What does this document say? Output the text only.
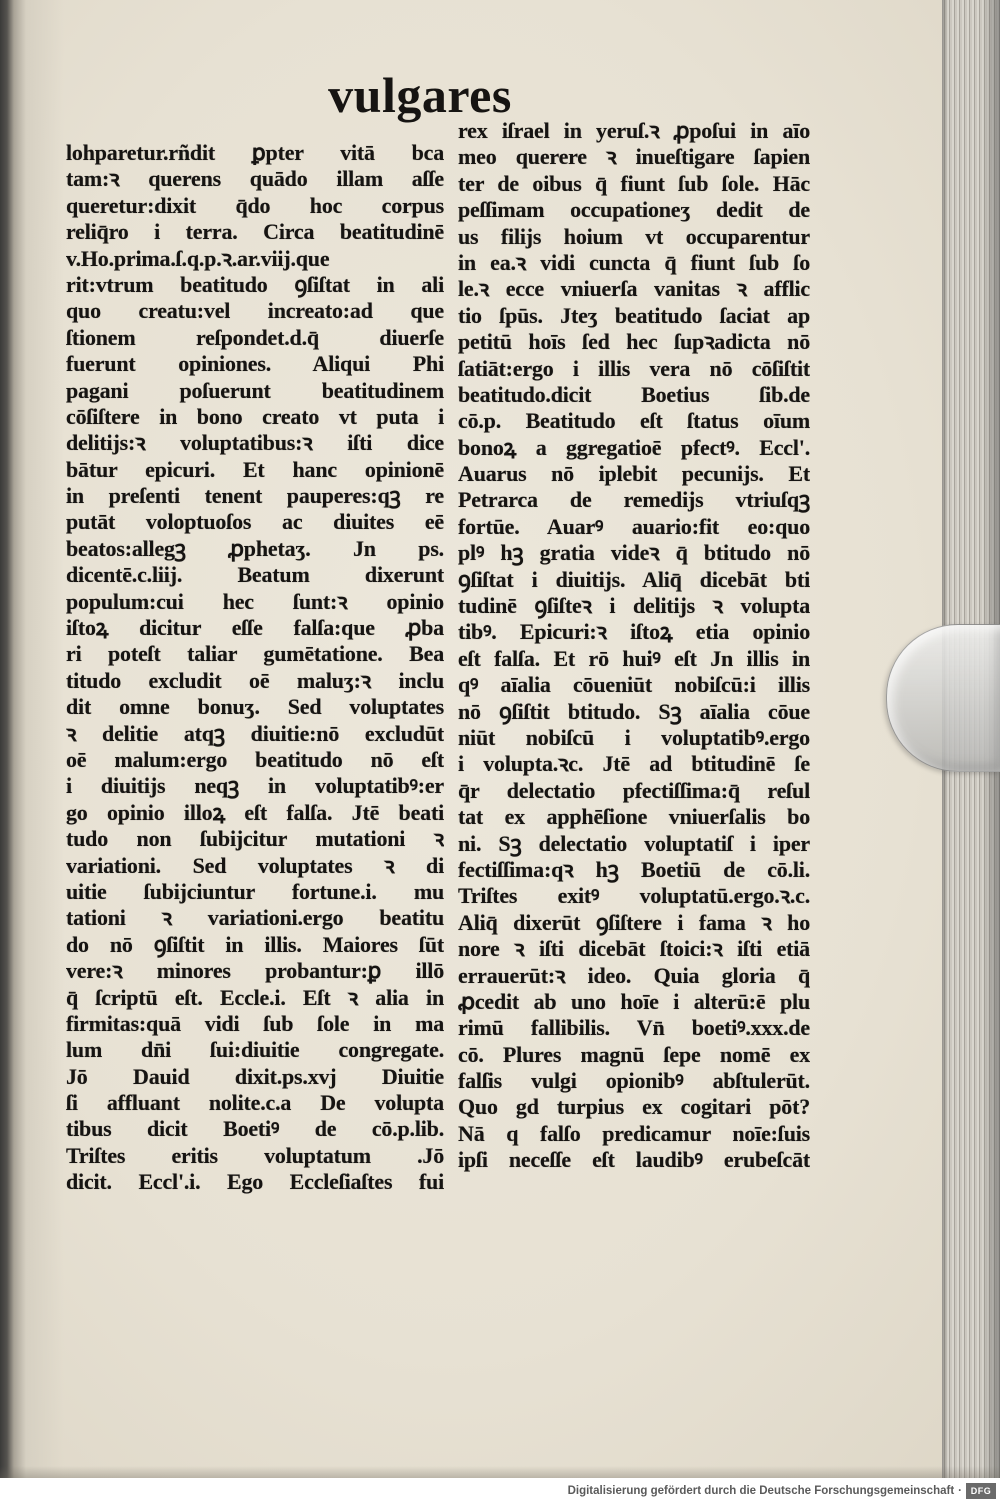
vulgares
lohparetur.rñdit ꝑpter vitā bca
tam:ꝛ querens quādo illam aſſe
queretur:dixit q̄do hoc corpus
reliq̄ro i terra. Circa beatitudinē
v.Ho.prima.ſ.q.p.ꝛ.ar.viij.que
rit:vtrum beatitudo ꝯſiſtat in ali
quo creatu:vel increato:ad que
ſtionem reſpondet.d.q̄ diuerſe
fuerunt opiniones. Aliqui Phi
pagani poſuerunt beatitudinem
cōſiſtere in bono creato vt puta i
delitijs:ꝛ voluptatibus:ꝛ iſti dice
bātur epicuri. Et hanc opinionē
in preſenti tenent pauperes:qꝫ re
putāt voloptuoſos ac diuites eē
beatos:allegꝫ ꝓphetaʒ. Jn ps.
dicentē.c.liij. Beatum dixerunt
populum:cui hec ſunt:ꝛ opinio
iſtoꝝ dicitur eſſe falſa:que ꝓba
ri poteſt taliar gumētatione. Bea
titudo excludit oē maluʒ:ꝛ inclu
dit omne bonuʒ. Sed voluptates
ꝛ delitie atqꝫ diuitie:nō excludūt
oē malum:ergo beatitudo nō eſt
i diuitijs neqꝫ in voluptatibꝰ:er
go opinio illoꝝ eſt falſa. Jtē beati
tudo non ſubijcitur mutationi ꝛ
variationi. Sed voluptates ꝛ di
uitie ſubijciuntur fortune.i. mu
tationi ꝛ variationi.ergo beatitu
do nō ꝯſiſtit in illis. Maiores ſūt
vere:ꝛ minores probantur:ꝑ illō
q̄ ſcriptū eſt. Eccle.i. Eſt ꝛ alia in
firmitas:quā vidi ſub ſole in ma
lum dn̄i ſui:diuitie congregate.
Jō Dauid dixit.ps.xvj Diuitie
ſi affluant nolite.c.a De volupta
tibus dicit Boetiꝰ de cō.p.lib.
Triſtes eritis voluptatum .Jō
dicit. Eccl'.i. Ego Eccleſiaſtes fui
rex iſrael in yeruſ.ꝛ ꝓpoſui in aīo
meo querere ꝛ inueſtigare ſapien
ter de oibus q̄ fiunt ſub ſole. Hāc
peſſimam occupationeʒ dedit de
us filijs hoium vt occuparentur
in ea.ꝛ vidi cuncta q̄ fiunt ſub ſo
le.ꝛ ecce vniuerſa vanitas ꝛ afflic
tio ſpūs. Jteʒ beatitudo ſaciat ap
petitū hoīs ſed hec ſupꝛadicta nō
ſatiāt:ergo i illis vera nō cōſiſtit
beatitudo.dicit Boetius ſib.de
cō.p. Beatitudo eſt ſtatus oīum
bonoꝝ a ggregatioē pfectꝰ. Eccl'.
Auarus nō iplebit pecunijs. Et
Petrarca de remedijs vtriuſqꝫ
fortūe. Auarꝰ auario:fit eo:quo
plꝰ hꝫ gratia videꝛ q̄ btitudo nō
ꝯſiſtat i diuitijs. Aliq̄ dicebāt bti
tudinē ꝯſiſteꝛ i delitijs ꝛ volupta
tibꝰ. Epicuri:ꝛ iſtoꝝ etia opinio
eſt falſa. Et rō huiꝰ eſt Jn illis in
qꝰ aīalia cōueniūt nobiſcū:i illis
nō ꝯſiſtit btitudo. Sꝫ aīalia cōue
niūt nobiſcū i voluptatibꝰ.ergo
i volupta.ꝛc. Jtē ad btitudinē ſe
q̄r delectatio pfectiſſima:q̄ reſul
tat ex apphēſione vniuerſalis bo
ni. Sꝫ delectatio voluptatiſ i iper
fectiſſima:qꝛ hꝫ Boetiū de cō.li.
Triſtes exitꝰ voluptatū.ergo.ꝛ.c.
Aliq̄ dixerūt ꝯſiſtere i fama ꝛ ho
nore ꝛ iſti dicebāt ſtoici:ꝛ iſti etiā
errauerūt:ꝛ ideo. Quia gloria q̄
ꝓcedit ab uno hoīe i alterū:ē plu
rimū fallibilis. Vn̄ boetiꝰ.xxx.de
cō. Plures magnū ſepe nomē ex
falſis vulgi opionibꝰ abſtulerūt.
Quo gd turpius ex cogitari pōt?
Nā q falſo predicamur noīe:ſuis
ipſi neceſſe eſt laudibꝰ erubeſcāt
Digitalisierung gefördert durch die Deutsche Forschungsgemeinschaft · DFG
